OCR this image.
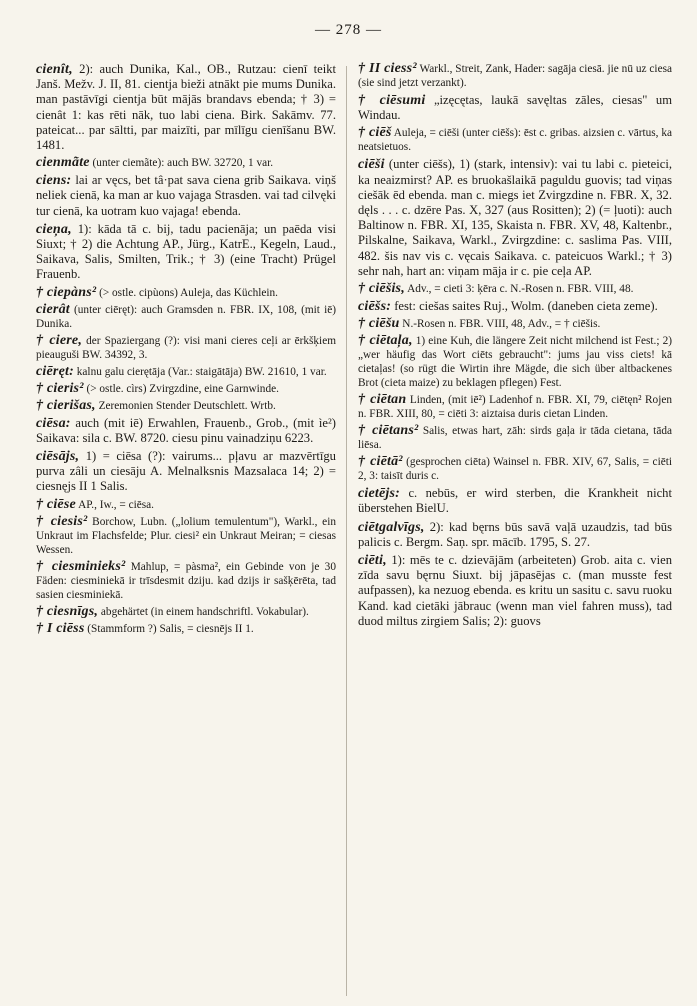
— 278 —

cienît, 2): auch Dunika, Kal., OB., Rutzau: cienī teikt Janš. Mežv. J. II, 81. cientja bieži atnākt pie mums Dunika. man pastāvīgi cientja būt mājās brandavs ebenda; † 3) = cienât 1: kas rēti nāk, tuo labi ciena. Birk. Sakāmv. 77. pateicat... par sāltti, par maizīti, par mīlīgu cienīšanu BW. 1481.

cienmãte (unter ciemãte): auch BW. 32720, 1 var.

ciens: lai ar vęcs, bet tâ·pat sava ciena grib Saikava. viņš neliek cienā, ka man ar kuo vajaga Strasden. vai tad cilvęki tur cienā, ka uotram kuo vajaga! ebenda.

cieņa, 1): kāda tā c. bij, tadu pacienāja; un paēda visi Siuxt; † 2) die Achtung AP., Jürg., KatrE., Kegeln, Laud., Saikava, Salis, Smilten, Trik.; † 3) (eine Tracht) Prügel Frauenb.

† ciepàns² (> ostle. cipùons) Auleja, das Küchlein.

cierât (unter ciēręt): auch Gramsden n. FBR. IX, 108, (mit iē) Dunika.

† ciere, der Spaziergang (?): visi mani cieres ceļi ar ērkšķiem pieauguši BW. 34392, 3.

ciēręt: kalnu galu cierętāja (Var.: staigātāja) BW. 21610, 1 var.

† cieris² (> ostle. cìrs) Zvirgzdine, eine Garnwinde.

† cierišas, Zeremonien Stender Deutschlett. Wrtb.

ciēsa: auch (mit iē) Erwahlen, Frauenb., Grob., (mit ìe²) Saikava: sila c. BW. 8720. ciesu pinu vainadziņu 6223.

ciēsājs, 1) = ciēsa (?): vairums... pļavu ar mazvērtīgu purva zâli un ciesāju A. Melnalksnis Mazsalaca 14; 2) = ciesnęjs II 1 Salis.

† ciēse AP., Iw., = ciēsa.

† ciesis² Borchow, Lubn. („lolium temulentum"), Warkl., ein Unkraut im Flachsfelde; Plur. ciesi² ein Unkraut Meiran; = ciesas Wessen.

† ciesminieks² Mahlup, = pàsma², ein Gebinde von je 30 Fäden: ciesminiekā ir trīsdesmit dziju. kad dzijs ir sašķērēta, tad sasien ciesminiekā.

† ciesnīgs, abgehärtet (in einem handschriftl. Vokabular).

† I ciēss (Stammform ?) Salis, = ciesnējs II 1.

† II ciess² Warkl., Streit, Zank, Hader: sagāja ciesā. jie nū uz ciesa (sie sind jetzt verzankt).

† ciēsumi „izęcętas, laukā savęltas zāles, ciesas" um Windau.

† ciēš Auleja, = ciēši (unter ciēšs): ēst c. gribas. aizsien c. vārtus, ka neatsietuos.

ciēši (unter ciēšs), 1) (stark, intensiv): vai tu labi c. pieteici, ka neaizmirst? AP. es bruokašlaikā paguldu guovis; tad viņas ciešāk ēd ebenda. man c. miegs iet Zvirgzdine n. FBR. X, 32. dęls . . . c. dzēre Pas. X, 327 (aus Rositten); 2) (= ļuoti): auch Baltinow n. FBR. XI, 135, Skaista n. FBR. XV, 48, Kaltenbr., Pilskalne, Saikava, Warkl., Zvirgzdine: c. saslima Pas. VIII, 482. šis nav vis c. vęcais Saikava. c. pateicuos Warkl.; † 3) sehr nah, hart an: viņam māja ir c. pie ceļa AP.

† ciēšis, Adv., = cieti 3: ķēra c. N.-Rosen n. FBR. VIII, 48.

ciēšs: fest: ciešas saites Ruj., Wolm. (daneben cieta zeme).

† ciēšu N.-Rosen n. FBR. VIII, 48, Adv., = † ciēšis.

† ciētaļa, 1) eine Kuh, die längere Zeit nicht milchend ist Fest.; 2) „wer häufig das Wort ciēts gebraucht": jums jau viss ciets! kā cietaļas! (so rügt die Wirtin ihre Mägde, die sich über altbackenes Brot (cieta maize) zu beklagen pflegen) Fest.

† ciētan Linden, (mit iē²) Ladenhof n. FBR. XI, 79, ciētęn² Rojen n. FBR. XIII, 80, = ciēti 3: aiztaisa duris cietan Linden.

† ciētans² Salis, etwas hart, zāh: sirds gaļa ir tāda cietana, tāda liēsa.

† ciētā² (gesprochen ciēta) Wainsel n. FBR. XIV, 67, Salis, = ciēti 2, 3: taisīt duris c.

cietējs: c. nebūs, er wird sterben, die Krankheit nicht überstehen BielU.

ciētgalvīgs, 2): kad bęrns būs savā vaļā uzaudzis, tad būs palicis c. Bergm. Saņ. spr. mācīb. 1795, S. 27.

ciēti, 1): mēs te c. dzievājām (arbeiteten) Grob. aita c. vien zīda savu bęrnu Siuxt. bij jāpasējas c. (man musste fest aufpassen), ka nezuog ebenda. es kritu un sasitu c. savu ruoku Kand. kad cietāki jābrauc (wenn man viel fahren muss), tad duod miltus zirgiem Salis; 2): guovs
